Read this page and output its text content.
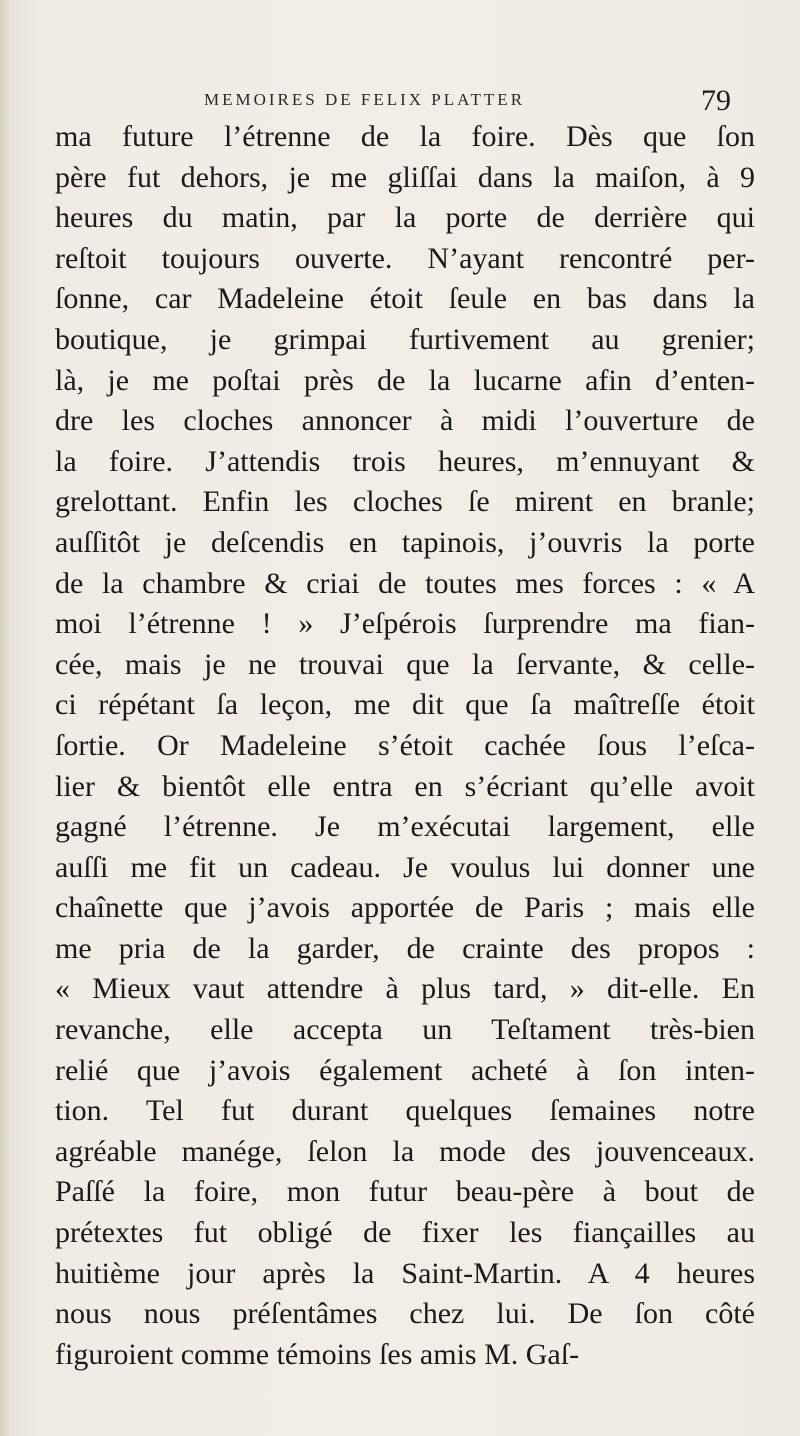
MEMOIRES DE FELIX PLATTER	79
ma future l’étrenne de la foire. Dès que ſon
père fut dehors, je me gliſſai dans la maiſon, à 9
heures du matin, par la porte de derrière qui
reſtoit toujours ouverte. N’ayant rencontré per-
ſonne, car Madeleine étoit ſeule en bas dans la
boutique, je grimpai furtivement au grenier;
là, je me poſtai près de la lucarne afin d’enten-
dre les cloches annoncer à midi l’ouverture de
la foire. J’attendis trois heures, m’ennuyant &
grelottant. Enfin les cloches ſe mirent en branle;
auſſitôt je deſcendis en tapinois, j’ouvris la porte
de la chambre & criai de toutes mes forces : « A
moi l’étrenne ! » J’eſpérois ſurprendre ma fian-
cée, mais je ne trouvai que la ſervante, & celle-
ci répétant ſa leçon, me dit que ſa maîtreſſe étoit
ſortie. Or Madeleine s’étoit cachée ſous l’eſca-
lier & bientôt elle entra en s’écriant qu’elle avoit
gagné l’étrenne. Je m’exécutai largement, elle
auſſi me fit un cadeau. Je voulus lui donner une
chaînette que j’avois apportée de Paris ; mais elle
me pria de la garder, de crainte des propos :
« Mieux vaut attendre à plus tard, » dit-elle. En
revanche, elle accepta un Teſtament très-bien
relié que j’avois également acheté à ſon inten-
tion. Tel fut durant quelques ſemaines notre
agréable manége, ſelon la mode des jouvenceaux.
Paſſé la foire, mon futur beau-père à bout de
prétextes fut obligé de fixer les fiançailles au
huitième jour après la Saint-Martin. A 4 heures
nous nous préſentâmes chez lui. De ſon côté
figuroient comme témoins ſes amis M. Gaſ-
